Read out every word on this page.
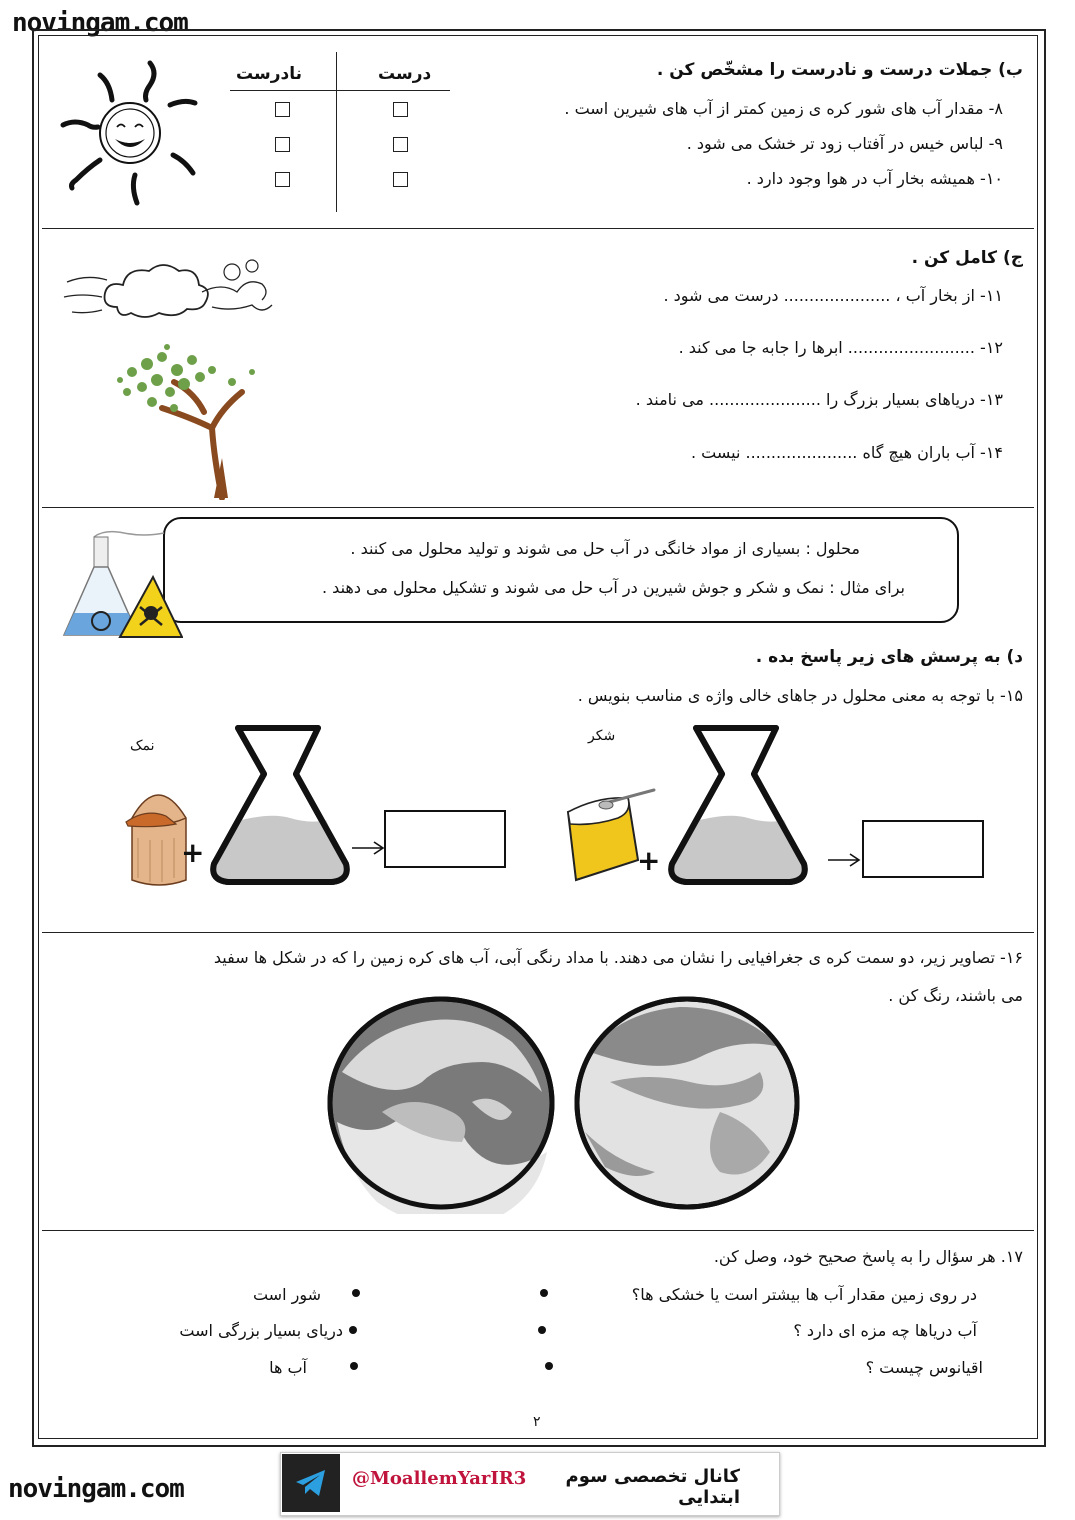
novingam.com
ب) جملات درست و نادرست را مشخّص کن .
۸- مقدار آب های شور کره ی زمین کمتر از آب های شیرین است .
۹- لباس خیس در آفتاب زود تر خشک می شود .
۱۰- همیشه بخار آب در هوا وجود دارد .
درست
نادرست
ج) کامل کن .
۱۱- از بخار آب ، ..................... درست می شود .
۱۲- ......................... ابرها را جابه جا می کند .
۱۳- دریاهای بسیار بزرگ را ...................... می نامند .
۱۴- آب باران هیچ گاه ...................... نیست .
محلول : بسیاری از مواد خانگی در آب حل می شوند و تولید محلول می کنند .
برای مثال : نمک و شکر و جوش شیرین در آب حل می شوند و تشکیل محلول می دهند .
د) به پرسش های زیر پاسخ بده .
۱۵- با توجه به معنی محلول در جاهای خالی واژه ی مناسب بنویس .
نمک
+
شکر
+
۱۶- تصاویر زیر، دو سمت کره ی جغرافیایی را نشان می دهند. با مداد رنگی آبی، آب های کره زمین را که در شکل ها سفید
می باشند، رنگ کن .
۱۷. هر سؤال را به پاسخ صحیح خود، وصل کن.
در روی زمین مقدار آب ها بیشتر است یا خشکی ها؟
آب دریاها چه مزه ای دارد ؟
اقیانوس چیست ؟
شور است
دریای بسیار بزرگی است
آب ها
۲
novingam.com	@MoallemYarIR3	کانال تخصصی سوم ابتدایی
